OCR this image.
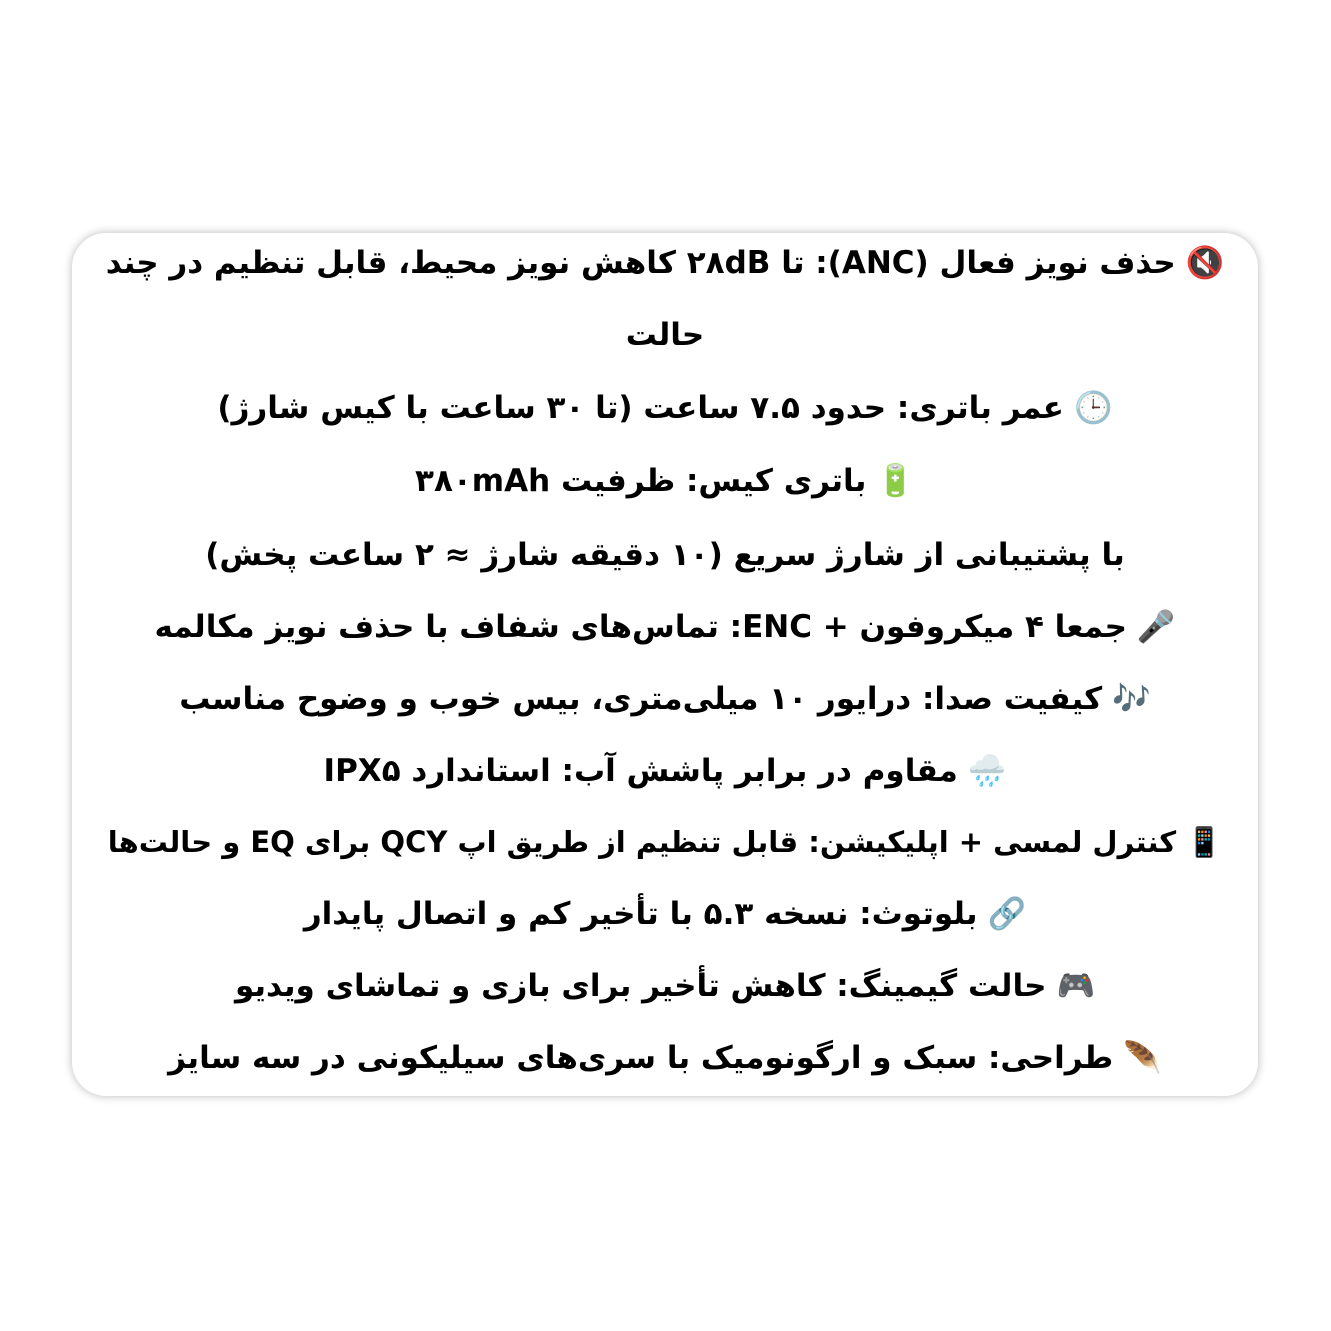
🔇حذف نویز فعال (ANC): تا ۲۸dB کاهش نویز محیط، قابل تنظیم در چند
حالت
🕒عمر باتری: حدود ۷.۵ ساعت (تا ۳۰ ساعت با کیس شارژ)
🔋باتری کیس: ظرفیت ۳۸۰mAh
با پشتیبانی از شارژ سریع (۱۰ دقیقه شارژ ≈ ۲ ساعت پخش)
🎤جمعا ۴ میکروفون + ENC: تماس‌های شفاف با حذف نویز مکالمه
🎶کیفیت صدا: درایور ۱۰ میلی‌متری، بیس خوب و وضوح مناسب
🌧️مقاوم در برابر پاشش آب: استاندارد IPX۵
📱کنترل لمسی + اپلیکیشن: قابل تنظیم از طریق اپ QCY برای EQ و حالت‌ها
🔗بلوتوث: نسخه ۵.۳ با تأخیر کم و اتصال پایدار
🎮حالت گیمینگ: کاهش تأخیر برای بازی و تماشای ویدیو
🪶طراحی: سبک و ارگونومیک با سری‌های سیلیکونی در سه سایز
